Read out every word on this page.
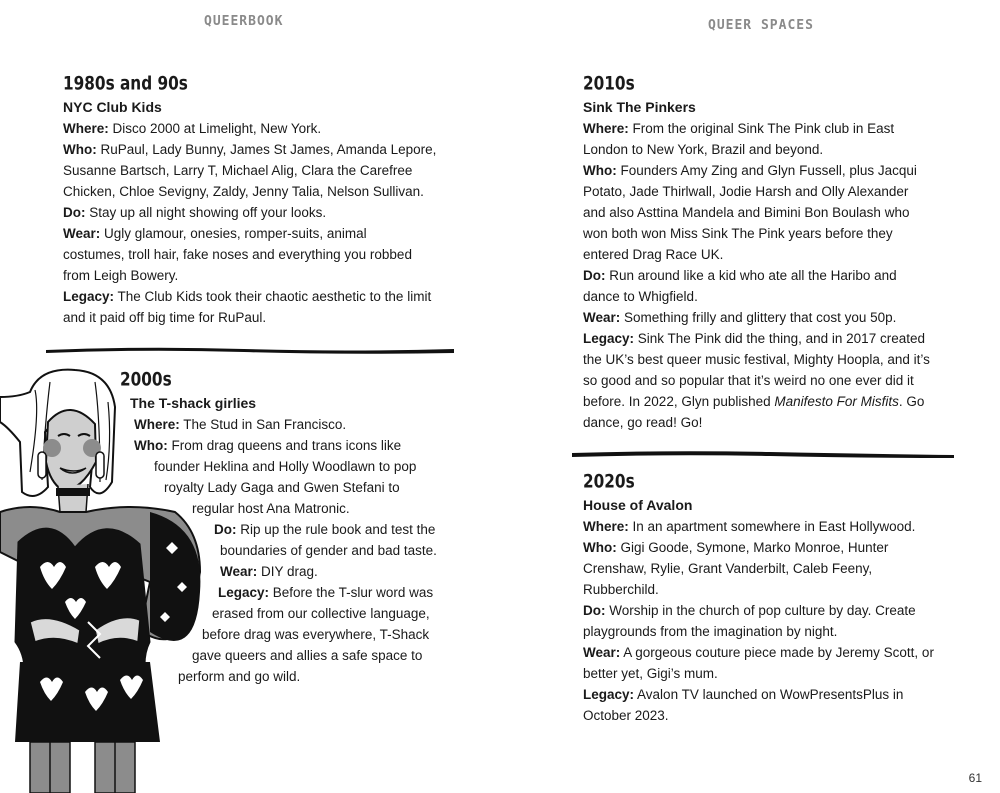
QUEERBOOK	QUEER SPACES
1980s and 90s
NYC Club Kids
Where: Disco 2000 at Limelight, New York.
Who: RuPaul, Lady Bunny, James St James, Amanda Lepore,
Susanne Bartsch, Larry T, Michael Alig, Clara the Carefree
Chicken, Chloe Sevigny, Zaldy, Jenny Talia, Nelson Sullivan.
Do: Stay up all night showing off your looks.
Wear: Ugly glamour, onesies, romper-suits, animal
costumes, troll hair, fake noses and everything you robbed
from Leigh Bowery.
Legacy: The Club Kids took their chaotic aesthetic to the limit
and it paid off big time for RuPaul.
2000s
The T-shack girlies
Where: The Stud in San Francisco.
Who: From drag queens and trans icons like
founder Heklina and Holly Woodlawn to pop
royalty Lady Gaga and Gwen Stefani to
regular host Ana Matronic.
Do: Rip up the rule book and test the
boundaries of gender and bad taste.
Wear: DIY drag.
Legacy: Before the T-slur word was
erased from our collective language,
before drag was everywhere, T-Shack
gave queers and allies a safe space to
perform and go wild.
2010s
Sink The Pinkers
Where: From the original Sink The Pink club in East
London to New York, Brazil and beyond.
Who: Founders Amy Zing and Glyn Fussell, plus Jacqui
Potato, Jade Thirlwall, Jodie Harsh and Olly Alexander
and also Asttina Mandela and Bimini Bon Boulash who
won both won Miss Sink The Pink years before they
entered Drag Race UK.
Do: Run around like a kid who ate all the Haribo and
dance to Whigfield.
Wear: Something frilly and glittery that cost you 50p.
Legacy: Sink The Pink did the thing, and in 2017 created
the UK’s best queer music festival, Mighty Hoopla, and it’s
so good and so popular that it’s weird no one ever did it
before. In 2022, Glyn published Manifesto For Misfits. Go
dance, go read! Go!
2020s
House of Avalon
Where: In an apartment somewhere in East Hollywood.
Who: Gigi Goode, Symone, Marko Monroe, Hunter
Crenshaw, Rylie, Grant Vanderbilt, Caleb Feeny,
Rubberchild.
Do: Worship in the church of pop culture by day. Create
playgrounds from the imagination by night.
Wear: A gorgeous couture piece made by Jeremy Scott, or
better yet, Gigi’s mum.
Legacy: Avalon TV launched on WowPresentsPlus in
October 2023.
61
